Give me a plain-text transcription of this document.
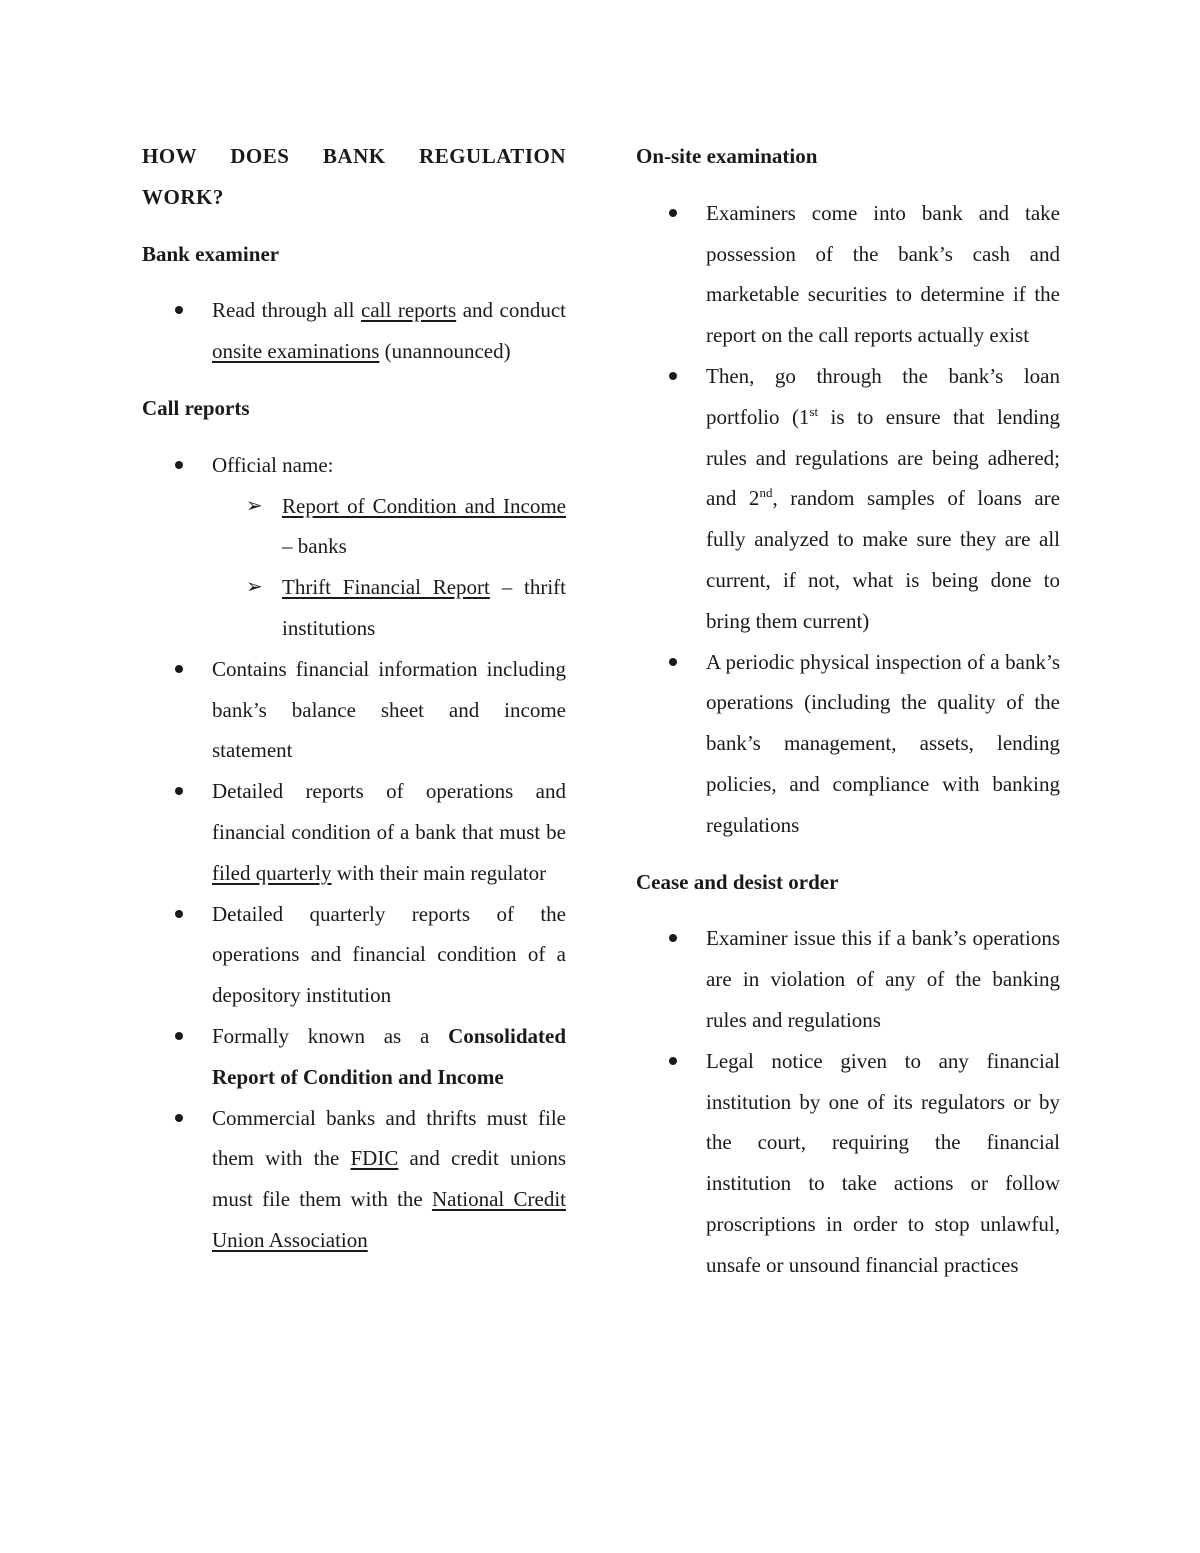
HOW DOES BANK REGULATION WORK?

Bank examiner

Read through all call reports and conduct onsite examinations (unannounced)

Call reports

Official name:
➢ Report of Condition and Income – banks
➢ Thrift Financial Report – thrift institutions
Contains financial information including bank’s balance sheet and income statement
Detailed reports of operations and financial condition of a bank that must be filed quarterly with their main regulator
Detailed quarterly reports of the operations and financial condition of a depository institution
Formally known as a Consolidated Report of Condition and Income
Commercial banks and thrifts must file them with the FDIC and credit unions must file them with the National Credit Union Association

On-site examination

Examiners come into bank and take possession of the bank’s cash and marketable securities to determine if the report on the call reports actually exist
Then, go through the bank’s loan portfolio (1st is to ensure that lending rules and regulations are being adhered; and 2nd, random samples of loans are fully analyzed to make sure they are all current, if not, what is being done to bring them current)
A periodic physical inspection of a bank’s operations (including the quality of the bank’s management, assets, lending policies, and compliance with banking regulations

Cease and desist order

Examiner issue this if a bank’s operations are in violation of any of the banking rules and regulations
Legal notice given to any financial institution by one of its regulators or by the court, requiring the financial institution to take actions or follow proscriptions in order to stop unlawful, unsafe or unsound financial practices
